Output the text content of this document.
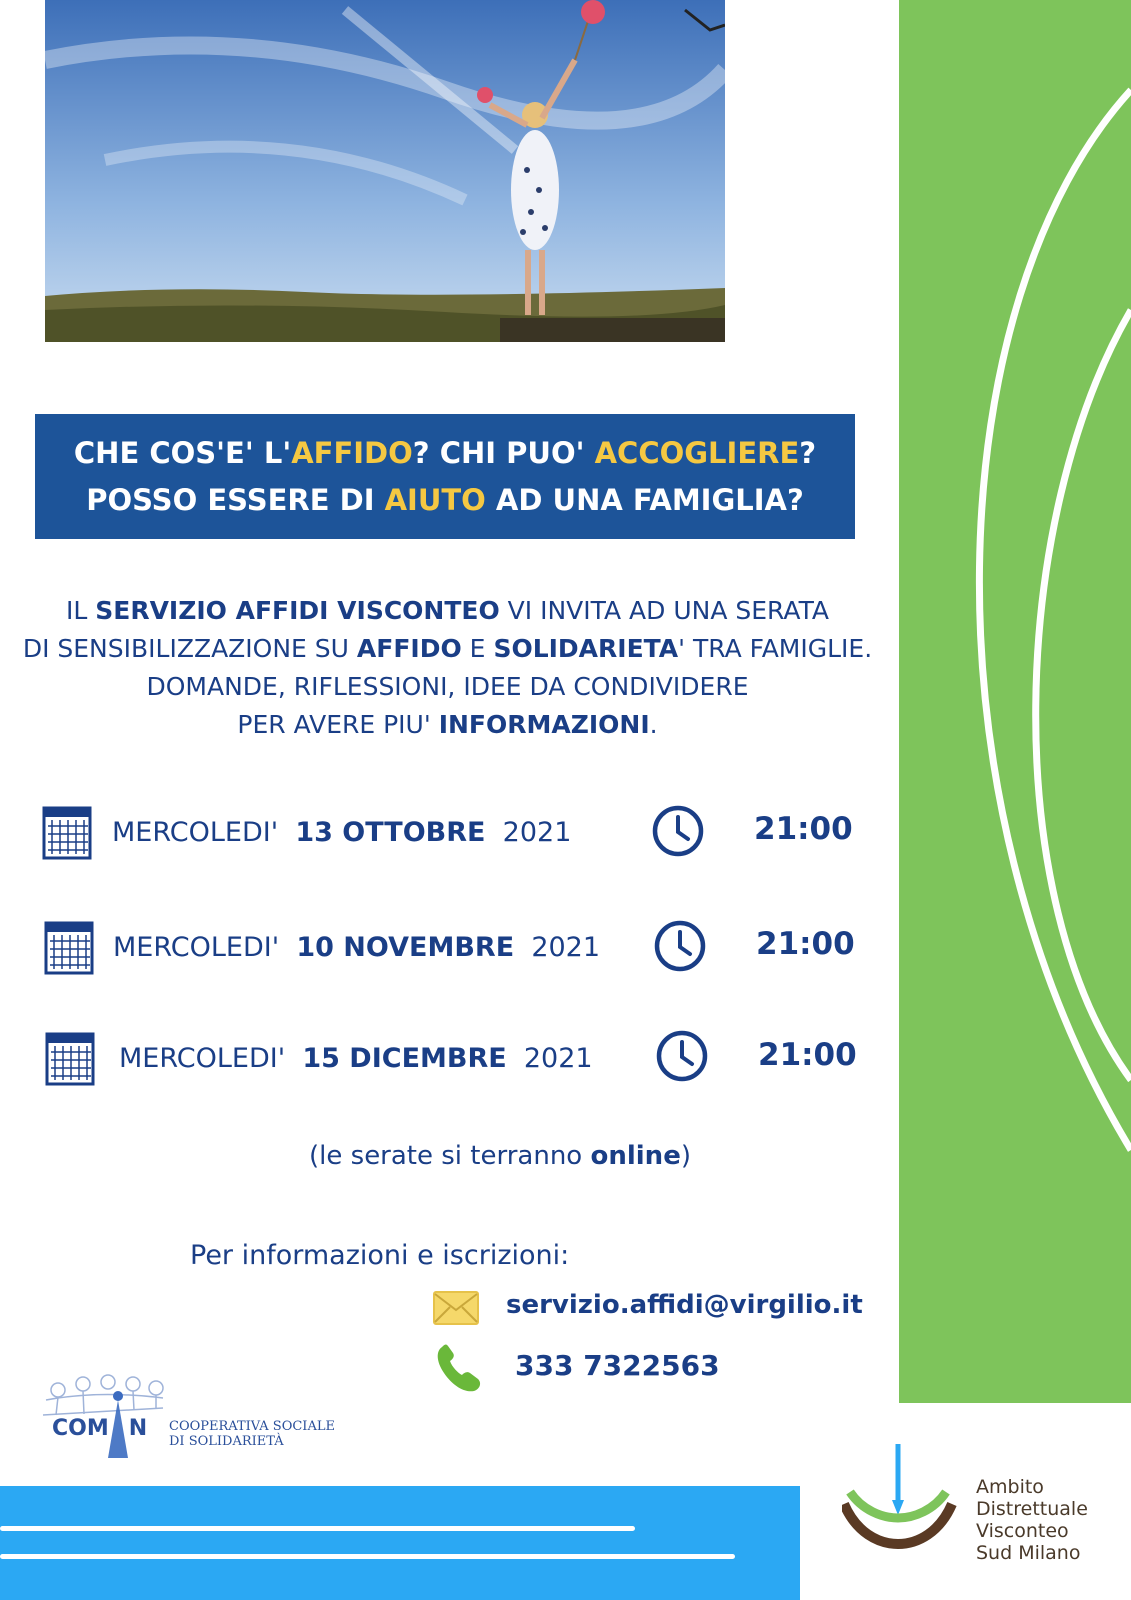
CHE COS'E' L'AFFIDO? CHI PUO' ACCOGLIERE?
POSSO ESSERE DI AIUTO AD UNA FAMIGLIA?
IL SERVIZIO AFFIDI VISCONTEO VI INVITA AD UNA SERATA
DI SENSIBILIZZAZIONE SU AFFIDO E SOLIDARIETA' TRA FAMIGLIE.
DOMANDE, RIFLESSIONI, IDEE DA CONDIVIDERE
PER AVERE PIU' INFORMAZIONI.
MERCOLEDI' 13 OTTOBRE 2021	21:00
MERCOLEDI' 10 NOVEMBRE 2021	21:00
MERCOLEDI' 15 DICEMBRE 2021	21:00
(le serate si terranno online)
Per informazioni e iscrizioni:
servizio.affidi@virgilio.it
333 7322563
COM N COOPERATIVA SOCIALE
DI SOLIDARIETÀ
Ambito
Distrettuale
Visconteo
Sud Milano
